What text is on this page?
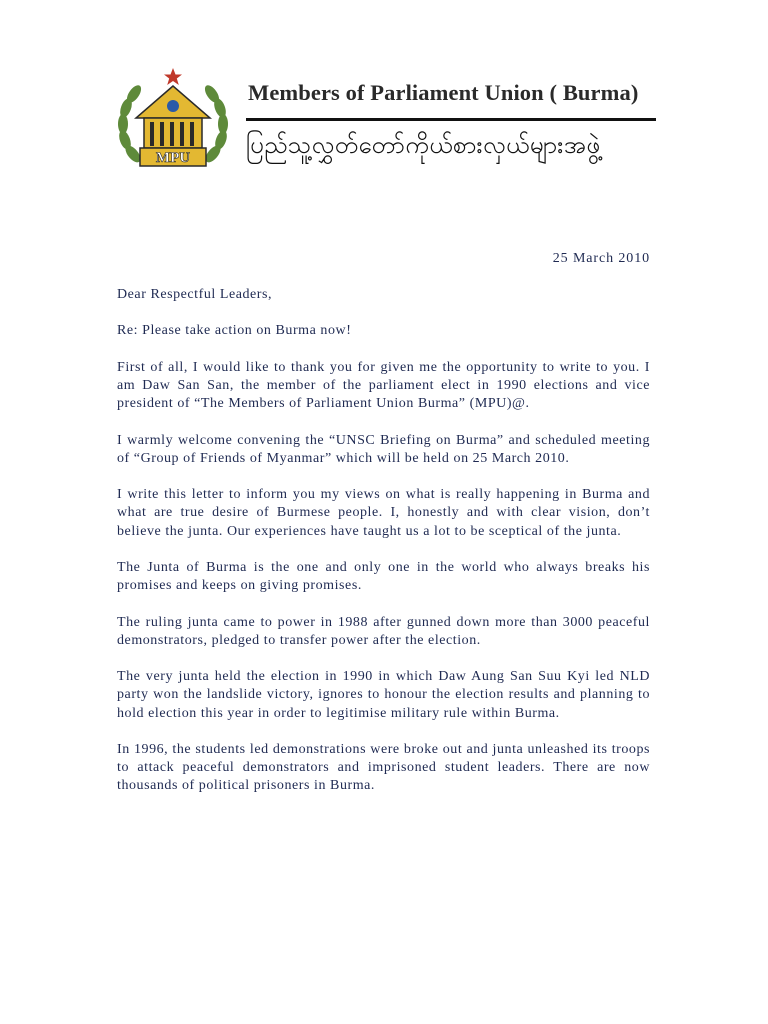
MPU
Members of Parliament Union ( Burma)
ပြည်သူ့လွှတ်တော်ကိုယ်စားလှယ်များအဖွဲ့
25 March 2010

Dear Respectful Leaders,

Re: Please take action on Burma now!

First of all, I would like to thank you for given me the opportunity to write to you. I am Daw San San, the member of the parliament elect in 1990 elections and vice president of “The Members of Parliament Union Burma” (MPU)@.

I warmly welcome convening the “UNSC Briefing on Burma” and scheduled meeting of “Group of Friends of Myanmar” which will be held on 25 March 2010.

I write this letter to inform you my views on what is really happening in Burma and what are true desire of Burmese people. I, honestly and with clear vision, don’t believe the junta. Our experiences have taught us a lot to be sceptical of the junta.

The Junta of Burma is the one and only one in the world who always breaks his promises and keeps on giving promises.

The ruling junta came to power in 1988 after gunned down more than 3000 peaceful demonstrators, pledged to transfer power after the election.

The very junta held the election in 1990 in which Daw Aung San Suu Kyi led NLD party won the landslide victory, ignores to honour the election results and planning to hold election this year in order to legitimise military rule within Burma.

In 1996, the students led demonstrations were broke out and junta unleashed its troops to attack peaceful demonstrators and imprisoned student leaders. There are now thousands of political prisoners in Burma.
